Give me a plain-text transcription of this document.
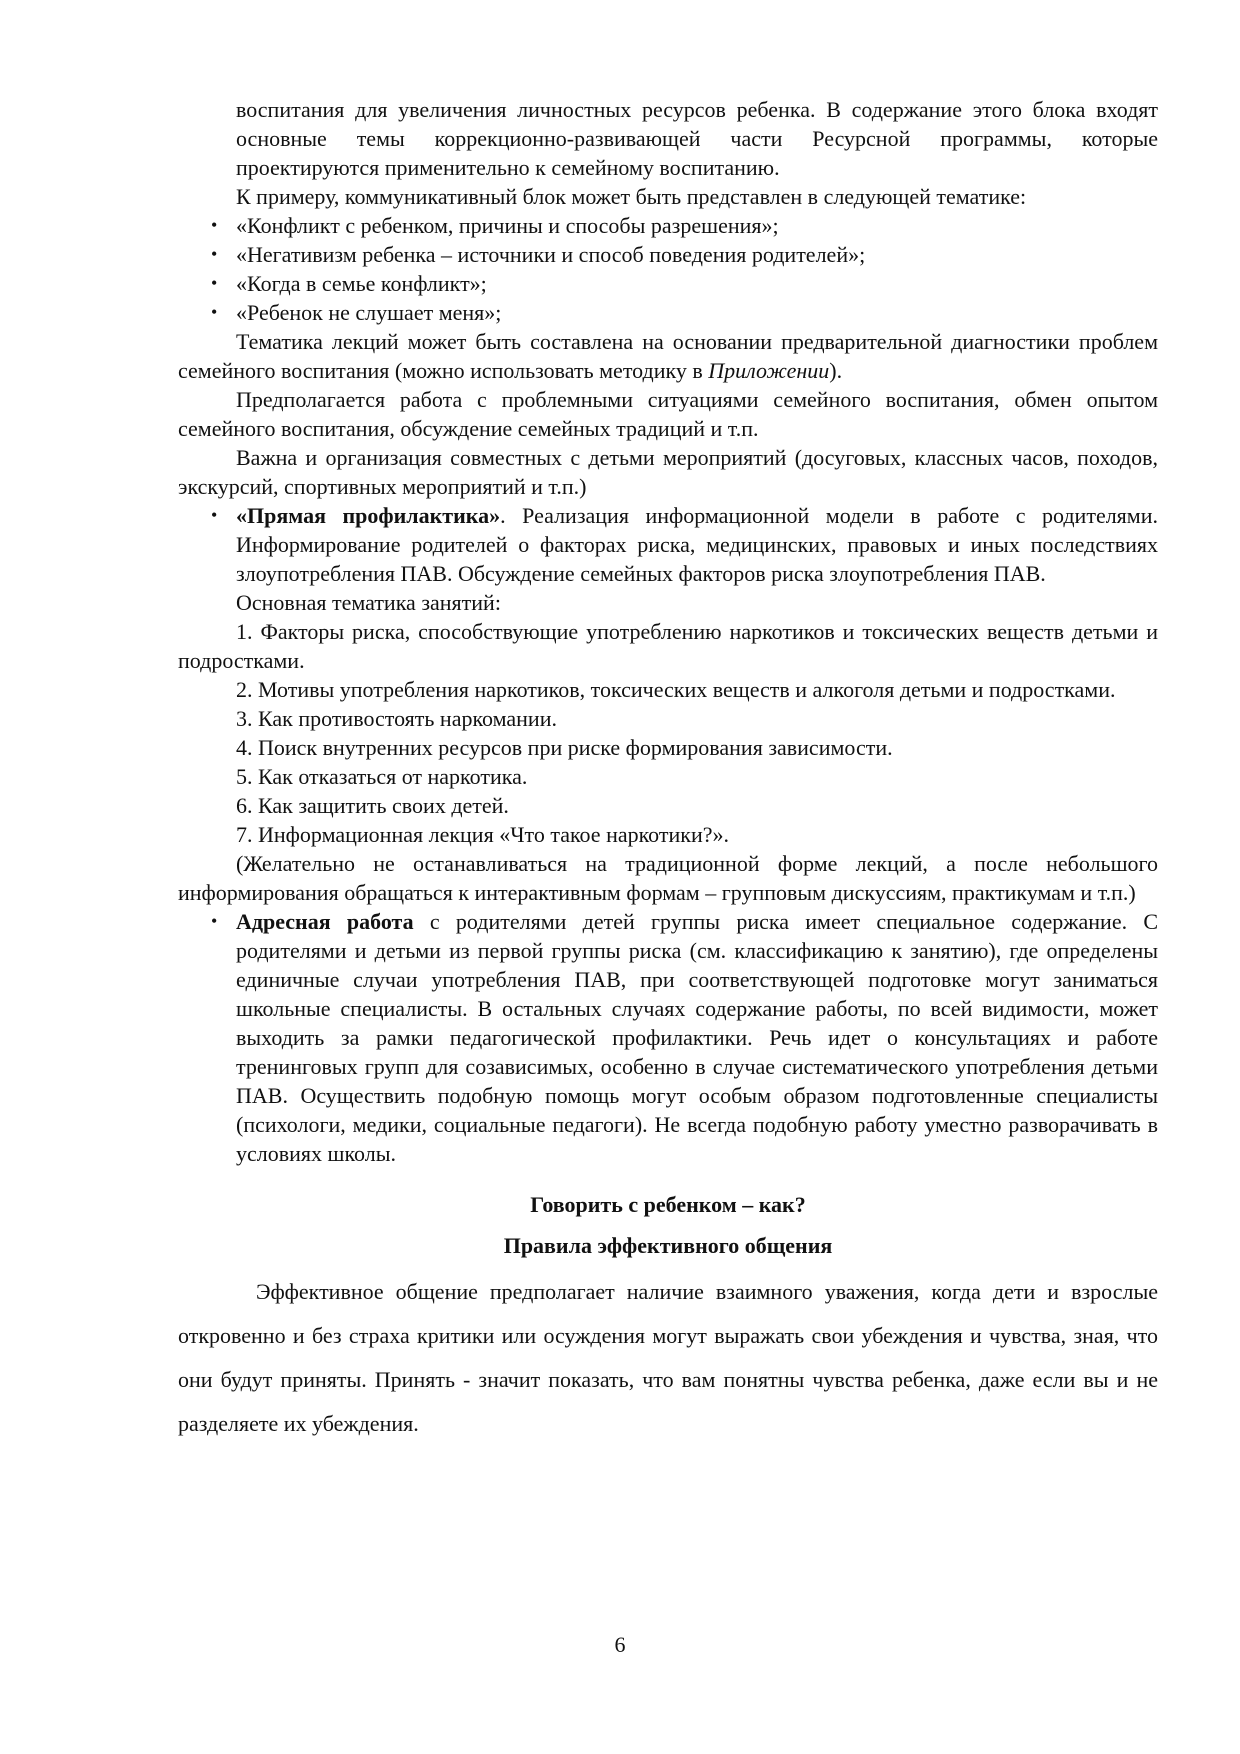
воспитания для увеличения личностных ресурсов ребенка. В содержание этого блока входят основные темы коррекционно-развивающей части Ресурсной программы, которые проектируются применительно к семейному воспитанию.

К примеру, коммуникативный блок может быть представлен в следующей тематике:

• «Конфликт с ребенком, причины и способы разрешения»;
• «Негативизм ребенка – источники и способ поведения родителей»;
• «Когда в семье конфликт»;
• «Ребенок не слушает меня»;

Тематика лекций может быть составлена на основании предварительной диагностики проблем семейного воспитания (можно использовать методику в Приложении).

Предполагается работа с проблемными ситуациями семейного воспитания, обмен опытом семейного воспитания, обсуждение семейных традиций и т.п.

Важна и организация совместных с детьми мероприятий (досуговых, классных часов, походов, экскурсий, спортивных мероприятий и т.п.)

• «Прямая профилактика». Реализация информационной модели в работе с родителями. Информирование родителей о факторах риска, медицинских, правовых и иных последствиях злоупотребления ПАВ. Обсуждение семейных факторов риска злоупотребления ПАВ.

Основная тематика занятий:

1. Факторы риска, способствующие употреблению наркотиков и токсических веществ детьми и подростками.

2. Мотивы употребления наркотиков, токсических веществ и алкоголя детьми и подростками.

3. Как противостоять наркомании.

4. Поиск внутренних ресурсов при риске формирования зависимости.

5. Как отказаться от наркотика.

6. Как защитить своих детей.

7. Информационная лекция «Что такое наркотики?».

(Желательно не останавливаться на традиционной форме лекций, а после небольшого информирования обращаться к интерактивным формам – групповым дискуссиям, практикумам и т.п.)

• Адресная работа с родителями детей группы риска имеет специальное содержание. С родителями и детьми из первой группы риска (см. классификацию к занятию), где определены единичные случаи употребления ПАВ, при соответствующей подготовке могут заниматься школьные специалисты. В остальных случаях содержание работы, по всей видимости, может выходить за рамки педагогической профилактики. Речь идет о консультациях и работе тренинговых групп для созависимых, особенно в случае систематического употребления детьми ПАВ. Осуществить подобную помощь могут особым образом подготовленные специалисты (психологи, медики, социальные педагоги). Не всегда подобную работу уместно разворачивать в условиях школы.
Говорить с ребенком – как?
Правила эффективного общения

Эффективное общение предполагает наличие взаимного уважения, когда дети и взрослые откровенно и без страха критики или осуждения могут выражать свои убеждения и чувства, зная, что они будут приняты. Принять - значит показать, что вам понятны чувства ребенка, даже если вы и не разделяете их убеждения.

6
